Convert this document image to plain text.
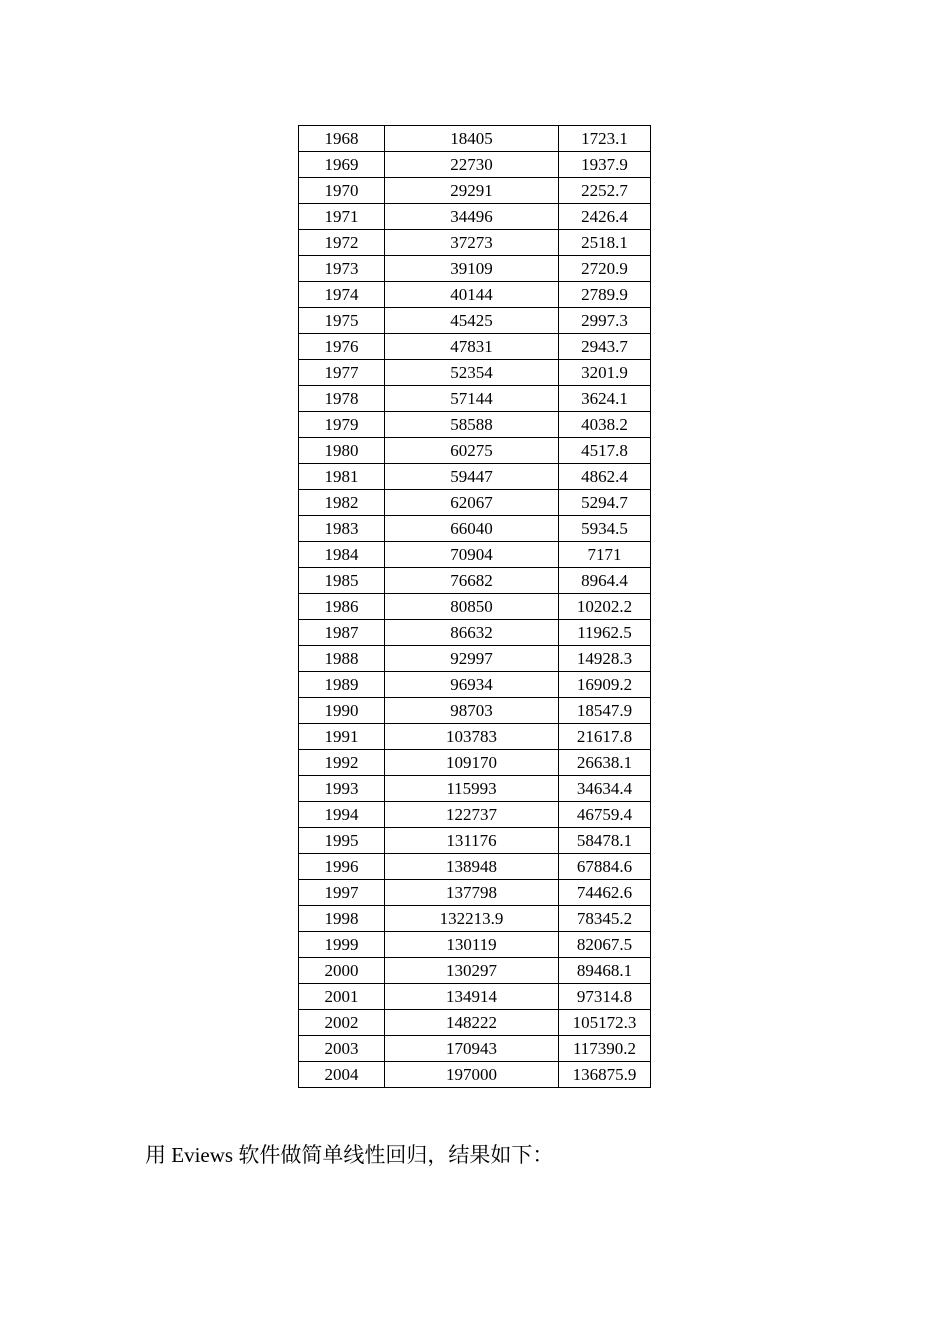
1968	18405	1723.1
1969	22730	1937.9
1970	29291	2252.7
1971	34496	2426.4
1972	37273	2518.1
1973	39109	2720.9
1974	40144	2789.9
1975	45425	2997.3
1976	47831	2943.7
1977	52354	3201.9
1978	57144	3624.1
1979	58588	4038.2
1980	60275	4517.8
1981	59447	4862.4
1982	62067	5294.7
1983	66040	5934.5
1984	70904	7171
1985	76682	8964.4
1986	80850	10202.2
1987	86632	11962.5
1988	92997	14928.3
1989	96934	16909.2
1990	98703	18547.9
1991	103783	21617.8
1992	109170	26638.1
1993	115993	34634.4
1994	122737	46759.4
1995	131176	58478.1
1996	138948	67884.6
1997	137798	74462.6
1998	132213.9	78345.2
1999	130119	82067.5
2000	130297	89468.1
2001	134914	97314.8
2002	148222	105172.3
2003	170943	117390.2
2004	197000	136875.9

用 Eviews 软件做简单线性回归，结果如下：
